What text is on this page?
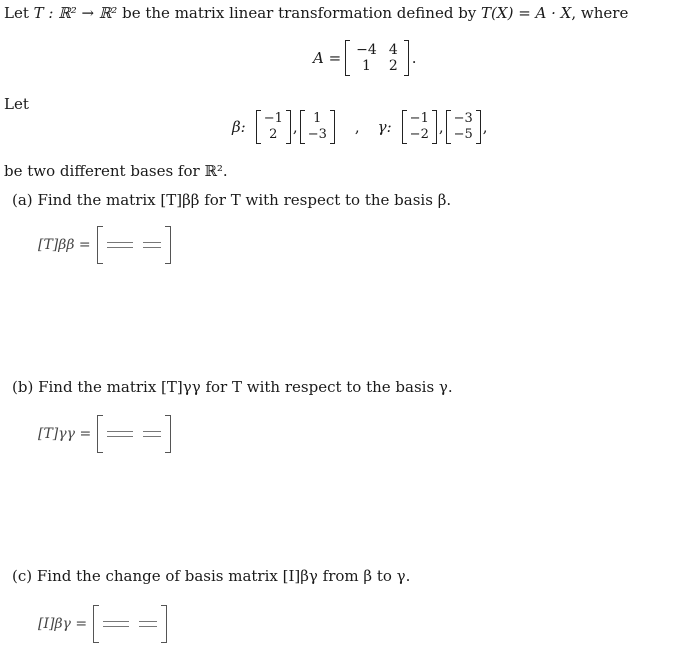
Let T : ℝ² → ℝ² be the matrix linear transformation defined by T(X) = A · X, where
A = −4 4
1	2 .
Let
β: −1
2 , 1
−3 , γ: −1
−2 , −3
−5 ,
be two different bases for ℝ².
(a) Find the matrix [T]ββ for T with respect to the basis β.
[T]ββ =
(b) Find the matrix [T]γγ for T with respect to the basis γ.
[T]γγ =
(c) Find the change of basis matrix [I]βγ from β to γ.
[I]βγ =
